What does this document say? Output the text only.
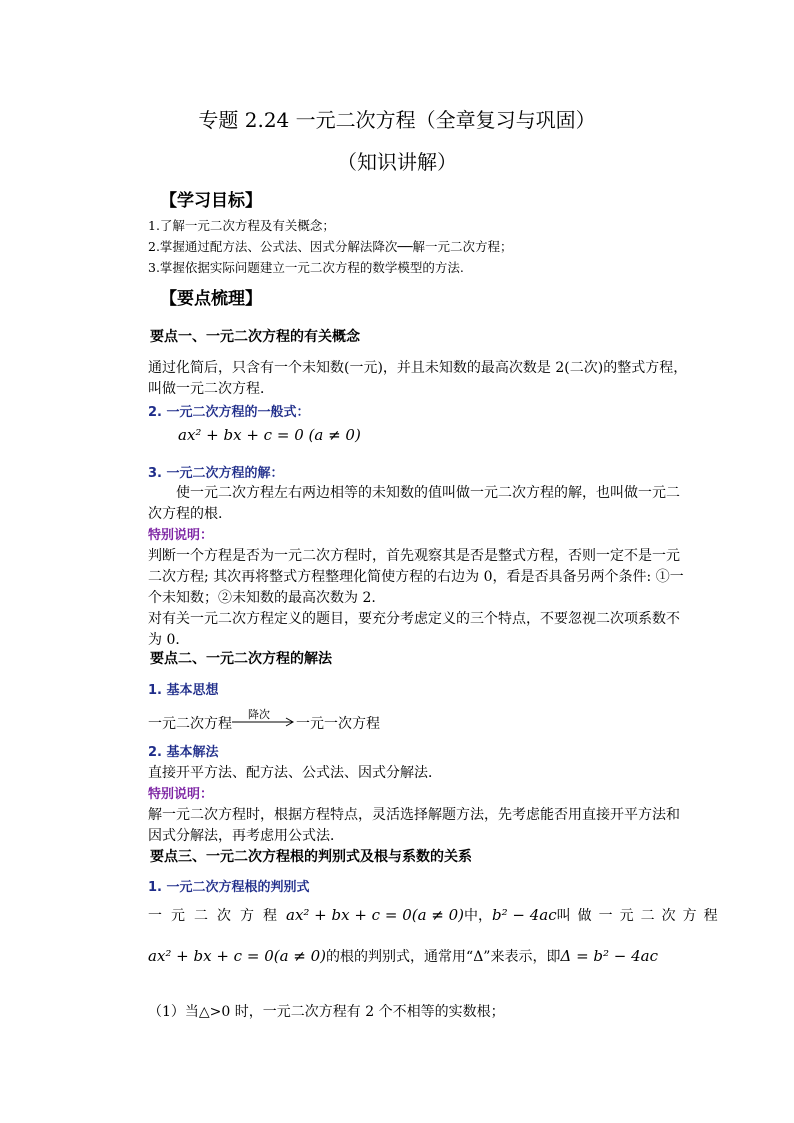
专题 2.24 一元二次方程（全章复习与巩固）
（知识讲解）
【学习目标】
1.了解一元二次方程及有关概念；
2.掌握通过配方法、公式法、因式分解法降次──解一元二次方程；
3.掌握依据实际问题建立一元二次方程的数学模型的方法.
【要点梳理】
要点一、一元二次方程的有关概念
通过化简后，只含有一个未知数(一元)，并且未知数的最高次数是 2(二次)的整式方程，
叫做一元二次方程．
2. 一元二次方程的一般式：
ax² + bx + c = 0 (a ≠ 0)
3. 一元二次方程的解：
使一元二次方程左右两边相等的未知数的值叫做一元二次方程的解，也叫做一元二
次方程的根.
特别说明：
判断一个方程是否为一元二次方程时，首先观察其是否是整式方程，否则一定不是一元
二次方程; 其次再将整式方程整理化简使方程的右边为 0，看是否具备另两个条件: ①一
个未知数；②未知数的最高次数为 2.
对有关一元二次方程定义的题目，要充分考虑定义的三个特点，不要忽视二次项系数不
为 0．
要点二、一元二次方程的解法
1. 基本思想
一元二次方程
降次
一元一次方程
2. 基本解法
直接开平方法、配方法、公式法、因式分解法．
特别说明：
解一元二次方程时，根据方程特点，灵活选择解题方法，先考虑能否用直接开平方法和
因式分解法，再考虑用公式法．
要点三、一元二次方程根的判别式及根与系数的关系
1. 一元二次方程根的判别式
一元二次方程 ax² + bx + c = 0(a ≠ 0) 中， b² − 4ac 叫做一元二次方程
ax² + bx + c = 0(a ≠ 0) 的根的判别式，通常用“Δ”来表示，即 Δ = b² − 4ac
（1）当△>0 时，一元二次方程有 2 个不相等的实数根；
